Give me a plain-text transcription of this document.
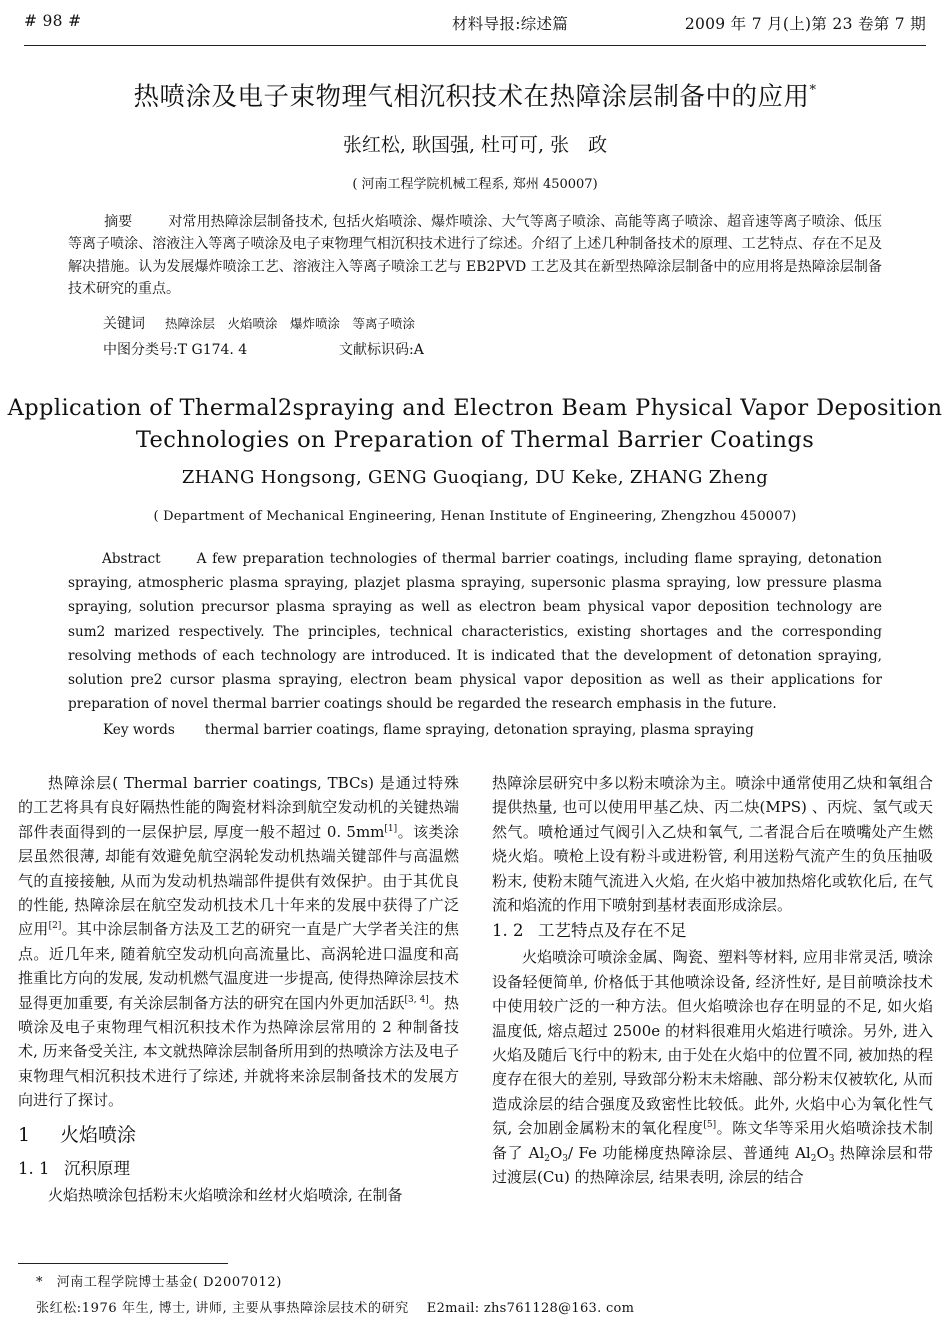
# 98 #	材料导报:综述篇	2009 年 7 月(上)第 23 卷第 7 期
热喷涂及电子束物理气相沉积技术在热障涂层制备中的应用*
张红松, 耿国强, 杜可可, 张　政
( 河南工程学院机械工程系, 郑州 450007)
摘要	对常用热障涂层制备技术, 包括火焰喷涂、爆炸喷涂、大气等离子喷涂、高能等离子喷涂、超音速等离子喷涂、低压等离子喷涂、溶液注入等离子喷涂及电子束物理气相沉积技术进行了综述。介绍了上述几种制备技术的原理、工艺特点、存在不足及解决措施。认为发展爆炸喷涂工艺、溶液注入等离子喷涂工艺与 EB2PVD 工艺及其在新型热障涂层制备中的应用将是热障涂层制备技术研究的重点。
关键词 热障涂层　火焰喷涂　爆炸喷涂　等离子喷涂
中图分类号:T G174. 4	文献标识码:A
Application of Thermal2spraying and Electron Beam Physical Vapor Deposition
Technologies on Preparation of Thermal Barrier Coatings
ZHANG Hongsong, GENG Guoqiang, DU Keke, ZHANG Zheng
( Department of Mechanical Engineering, Henan Institute of Engineering, Zhengzhou 450007)
Abstract	A few preparation technologies of thermal barrier coatings, including flame spraying, detonation spraying, atmospheric plasma spraying, plazjet plasma spraying, supersonic plasma spraying, low pressure plasma spraying, solution precursor plasma spraying as well as electron beam physical vapor deposition technology are sum2 marized respectively. The principles, technical characteristics, existing shortages and the corresponding resolving methods of each technology are introduced. It is indicated that the development of detonation spraying, solution pre2 cursor plasma spraying, electron beam physical vapor deposition as well as their applications for preparation of novel thermal barrier coatings should be regarded the research emphasis in the future.
Key words thermal barrier coatings, flame spraying, detonation spraying, plasma spraying

热障涂层( Thermal barrier coatings, TBCs) 是通过特殊的工艺将具有良好隔热性能的陶瓷材料涂到航空发动机的关键热端部件表面得到的一层保护层, 厚度一般不超过 0. 5mm[1]。该类涂层虽然很薄, 却能有效避免航空涡轮发动机热端关键部件与高温燃气的直接接触, 从而为发动机热端部件提供有效保护。由于其优良的性能, 热障涂层在航空发动机技术几十年来的发展中获得了广泛应用[2]。其中涂层制备方法及工艺的研究一直是广大学者关注的焦点。近几年来, 随着航空发动机向高流量比、高涡轮进口温度和高推重比方向的发展, 发动机燃气温度进一步提高, 使得热障涂层技术显得更加重要, 有关涂层制备方法的研究在国内外更加活跃[3, 4]。热喷涂及电子束物理气相沉积技术作为热障涂层常用的 2 种制备技术, 历来备受关注, 本文就热障涂层制备所用到的热喷涂方法及电子束物理气相沉积技术进行了综述, 并就将来涂层制备技术的发展方向进行了探讨。

1 火焰喷涂
1. 1 沉积原理

火焰热喷涂包括粉末火焰喷涂和丝材火焰喷涂, 在制备

热障涂层研究中多以粉末喷涂为主。喷涂中通常使用乙炔和氧组合提供热量, 也可以使用甲基乙炔、丙二炔(MPS) 、丙烷、氢气或天然气。喷枪通过气阀引入乙炔和氧气, 二者混合后在喷嘴处产生燃烧火焰。喷枪上设有粉斗或进粉管, 利用送粉气流产生的负压抽吸粉末, 使粉末随气流进入火焰, 在火焰中被加热熔化或软化后, 在气流和焰流的作用下喷射到基材表面形成涂层。

1. 2 工艺特点及存在不足

火焰喷涂可喷涂金属、陶瓷、塑料等材料, 应用非常灵活, 喷涂设备轻便简单, 价格低于其他喷涂设备, 经济性好, 是目前喷涂技术中使用较广泛的一种方法。但火焰喷涂也存在明显的不足, 如火焰温度低, 熔点超过 2500e 的材料很难用火焰进行喷涂。另外, 进入火焰及随后飞行中的粉末, 由于处在火焰中的位置不同, 被加热的程度存在很大的差别, 导致部分粉末未熔融、部分粉末仅被软化, 从而造成涂层的结合强度及致密性比较低。此外, 火焰中心为氧化性气氛, 会加剧金属粉末的氧化程度[5]。陈文华等采用火焰喷涂技术制备了 $Al_2O_3/$ Fe 功能梯度热障涂层、普通纯 $Al_2O_3$ 热障涂层和带过渡层(Cu) 的热障涂层, 结果表明, 涂层的结合

*　河南工程学院博士基金( D2007012)
张红松:1976 年生, 博士, 讲师, 主要从事热障涂层技术的研究 E2mail: zhs761128@163. com
